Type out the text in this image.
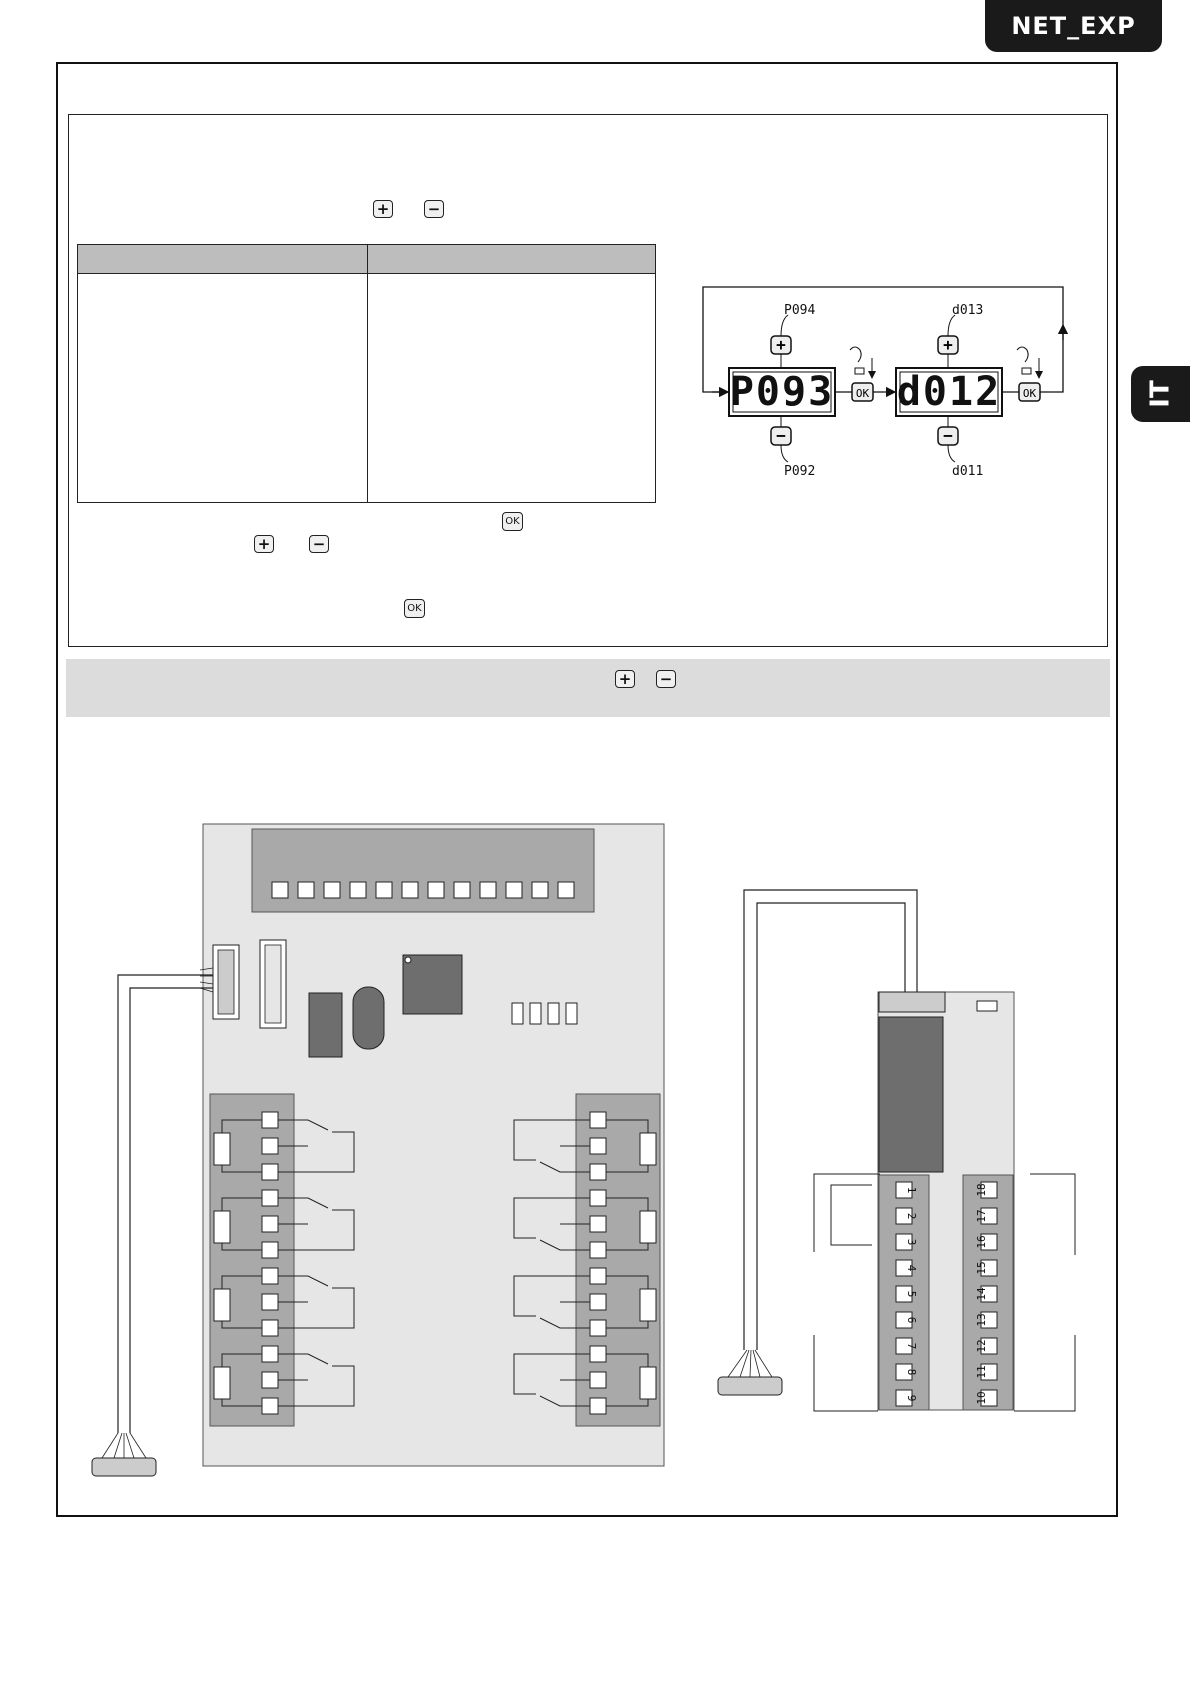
NET_EXP
IT
+	−

OK
+	−
OK
+ −
P093
+
−
P094
P092
OK d012
+
−
d013
d011
OK
1
2
3
4
5
6
7
8
9
18
17
16
15
14
13
12
11
10
